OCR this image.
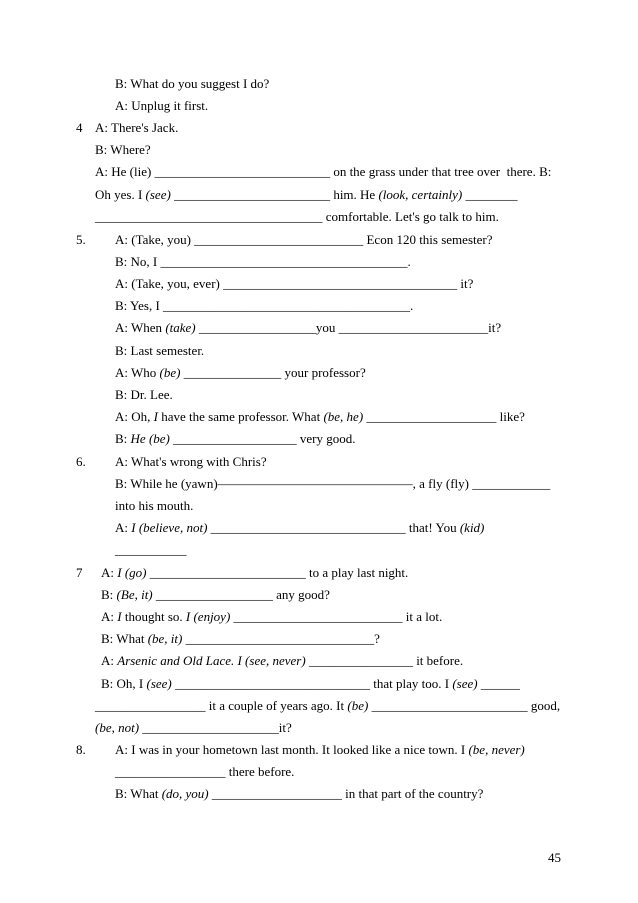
B: What do you suggest I do?
A: Unplug it first.
4 A: There's Jack.
B: Where?
A: He (lie) ___________________________ on the grass under that tree over  there. B:
Oh yes. I (see) ________________________ him. He (look, certainly) ________
___________________________________ comfortable. Let's go talk to him.
5. A: (Take, you) __________________________ Econ 120 this semester?
B: No, I ______________________________________.
A: (Take, you, ever) ____________________________________ it?
B: Yes, I ______________________________________.
A: When (take) __________________you _______________________it?
B: Last semester.
A: Who (be) _______________ your professor?
B: Dr. Lee.
A: Oh, I have the same professor. What (be, he) ____________________ like?
B: He (be) ___________________ very good.
6. A: What's wrong with Chris?
B: While he (yawn)———————————————, a fly (fly) ____________
into his mouth.
A: I (believe, not) ______________________________ that! You (kid)
___________
7 A: I (go) ________________________ to a play last night.
B: (Be, it) __________________ any good?
A: I thought so. I (enjoy) __________________________ it a lot.
B: What (be, it) _____________________________?
A: Arsenic and Old Lace. I (see, never) ________________ it before.
B: Oh, I (see) ______________________________ that play too. I (see) ______
_________________ it a couple of years ago. It (be) ________________________ good,
(be, not) _____________________it?
8. A: I was in your hometown last month. It looked like a nice town. I (be, never)
_________________ there before.
B: What (do, you) ____________________ in that part of the country?
45
